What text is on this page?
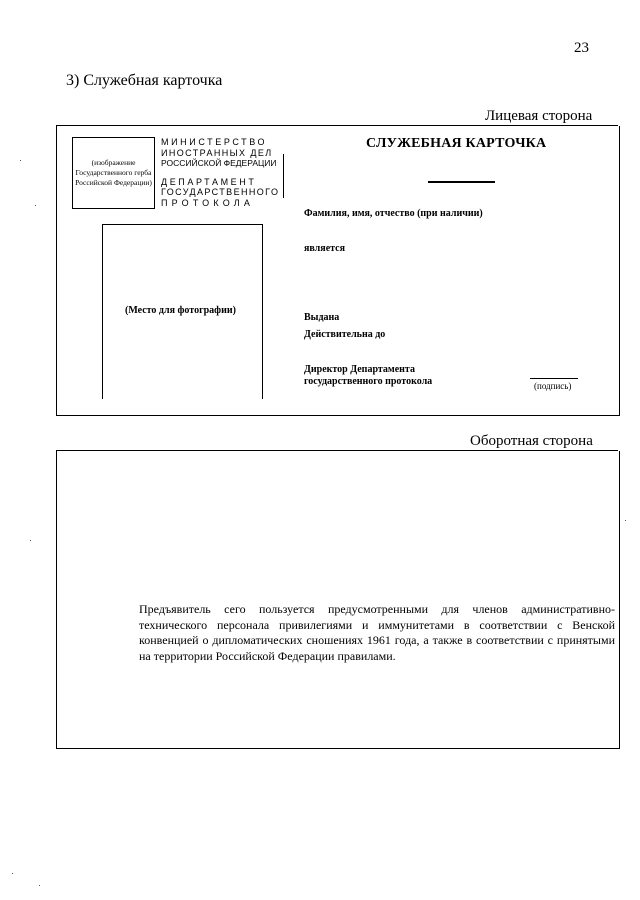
23
3) Служебная карточка
Лицевая сторона
(изображение Государственного герба Российской Федерации)
МИНИСТЕРСТВО
ИНОСТРАННЫХ ДЕЛ
РОССИЙСКОЙ ФЕДЕРАЦИИ
ДЕПАРТАМЕНТ
ГОСУДАРСТВЕННОГО
ПРОТОКОЛА
СЛУЖЕБНАЯ КАРТОЧКА
(Место для фотографии)
Фамилия, имя, отчество (при наличии)
является
Выдана
Действительна до
Директор Департамента
государственного протокола	(подпись)
Оборотная сторона
Предъявитель сего пользуется предусмотренными для членов административно-технического персонала привилегиями и иммунитетами в соответствии с Венской конвенцией о дипломатических сношениях 1961 года, а также в соответствии с принятыми на территории Российской Федерации правилами.
